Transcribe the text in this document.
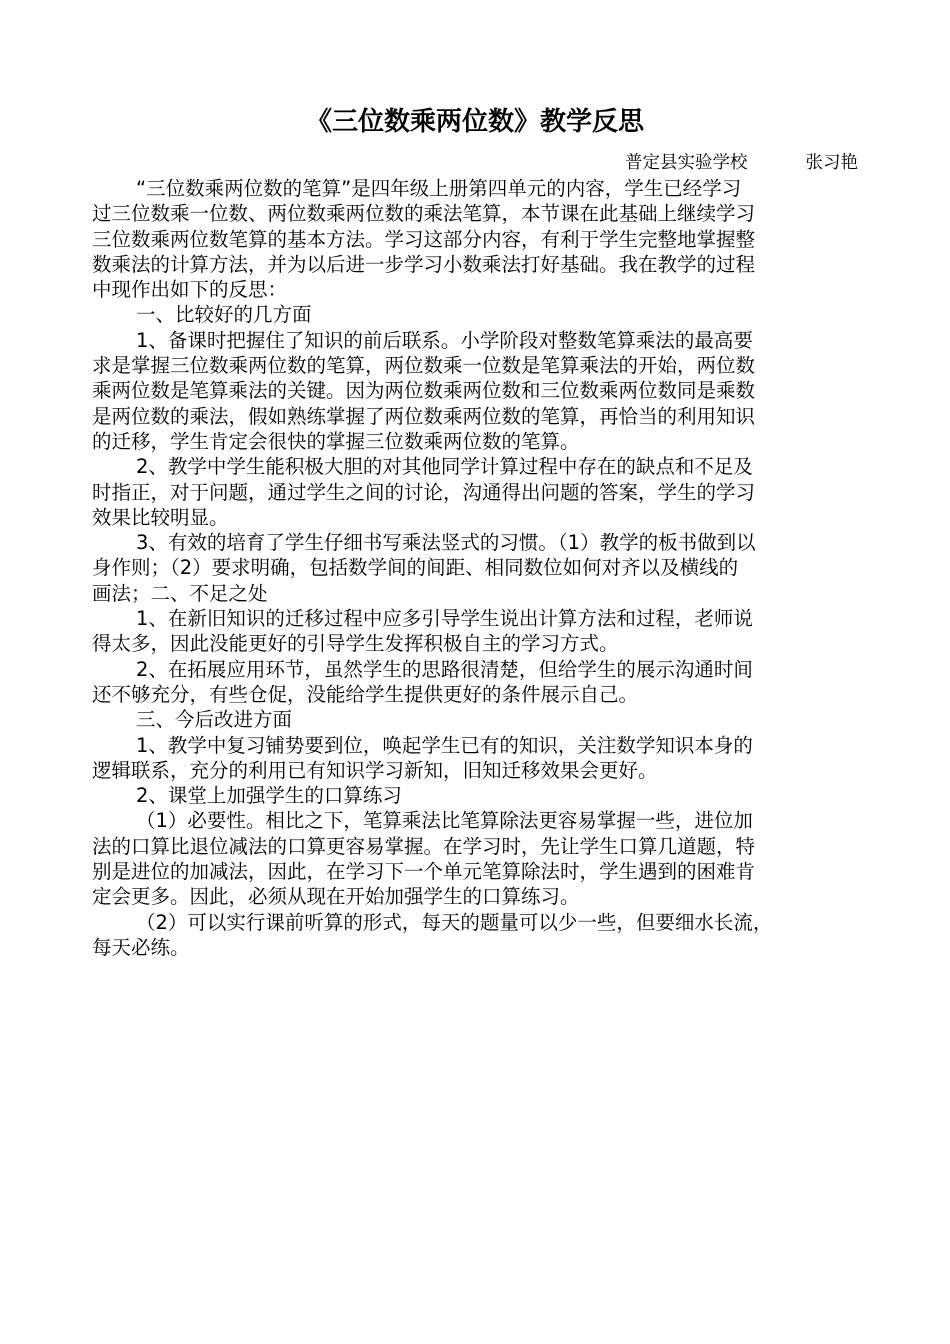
《三位数乘两位数》教学反思
普定县实验学校	张习艳
“三位数乘两位数的笔算”是四年级上册第四单元的内容，学生已经学习
过三位数乘一位数、两位数乘两位数的乘法笔算，本节课在此基础上继续学习
三位数乘两位数笔算的基本方法。学习这部分内容，有利于学生完整地掌握整
数乘法的计算方法，并为以后进一步学习小数乘法打好基础。我在教学的过程
中现作出如下的反思：
一、比较好的几方面
1、备课时把握住了知识的前后联系。小学阶段对整数笔算乘法的最高要
求是掌握三位数乘两位数的笔算，两位数乘一位数是笔算乘法的开始，两位数
乘两位数是笔算乘法的关键。因为两位数乘两位数和三位数乘两位数同是乘数
是两位数的乘法，假如熟练掌握了两位数乘两位数的笔算，再恰当的利用知识
的迁移，学生肯定会很快的掌握三位数乘两位数的笔算。
2、教学中学生能积极大胆的对其他同学计算过程中存在的缺点和不足及
时指正，对于问题，通过学生之间的讨论，沟通得出问题的答案，学生的学习
效果比较明显。
3、有效的培育了学生仔细书写乘法竖式的习惯。（1）教学的板书做到以
身作则；（2）要求明确，包括数学间的间距、相同数位如何对齐以及横线的
画法；二、不足之处
1、在新旧知识的迁移过程中应多引导学生说出计算方法和过程，老师说
得太多，因此没能更好的引导学生发挥积极自主的学习方式。
2、在拓展应用环节，虽然学生的思路很清楚，但给学生的展示沟通时间
还不够充分，有些仓促，没能给学生提供更好的条件展示自己。
三、今后改进方面
1、教学中复习铺势要到位，唤起学生已有的知识，关注数学知识本身的
逻辑联系，充分的利用已有知识学习新知，旧知迁移效果会更好。
2、课堂上加强学生的口算练习
（1）必要性。相比之下，笔算乘法比笔算除法更容易掌握一些，进位加
法的口算比退位减法的口算更容易掌握。在学习时，先让学生口算几道题，特
别是进位的加减法，因此，在学习下一个单元笔算除法时，学生遇到的困难肯
定会更多。因此，必须从现在开始加强学生的口算练习。
（2）可以实行课前听算的形式，每天的题量可以少一些，但要细水长流，
每天必练。
